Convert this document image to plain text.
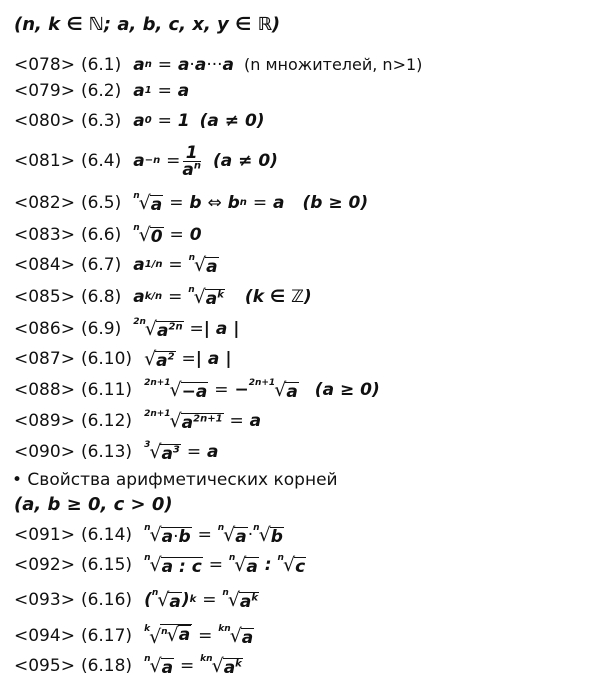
(n, k ∈ ℕ; a, b, c, x, y ∈ ℝ)
<078> (6.1) a n
= a · a ··· a (n множителей, n>1)
<079> (6.2) a 1
= a
<080> (6.3) a 0
= 1 (a ≠ 0)
<081> (6.4) a −n
= $\frac{1}{a^n} (a \ne 0)$
<082> (6.5) n √ a
= b ⇔ b n
= a (b ≥ 0)
<083> (6.6) n √ 0
= 0
<084> (6.7) a 1/n
=
n √ a
<085> (6.8) a k/n
=
n √ $a^k$ (k ∈ ℤ)
<086> (6.9) 2n √ $a^{2n}$
= | a |
<087> (6.10) √ $a^2$
= | a |
<088> (6.11) 2n+1 √ −a
= − 2n+1 √ a (a ≥ 0)
<089> (6.12) 2n+1 √ $a^{2n+1}$
= a
<090> (6.13) 3 √ $a^3$
= a
• Свойства арифметических корней
(a, b ≥ 0, c > 0)
<091> (6.14) n √ a·b
=
n √ a · n √ b
<092> (6.15) n √ a : c
=
n √ a : n √ c
<093> (6.16) ( n √ a ) k
=
n √ $a^k$
<094> (6.17) k √ $^n$ √ a
=
kn √ a
<095> (6.18) n √ a
=
kn √ $a^k$
